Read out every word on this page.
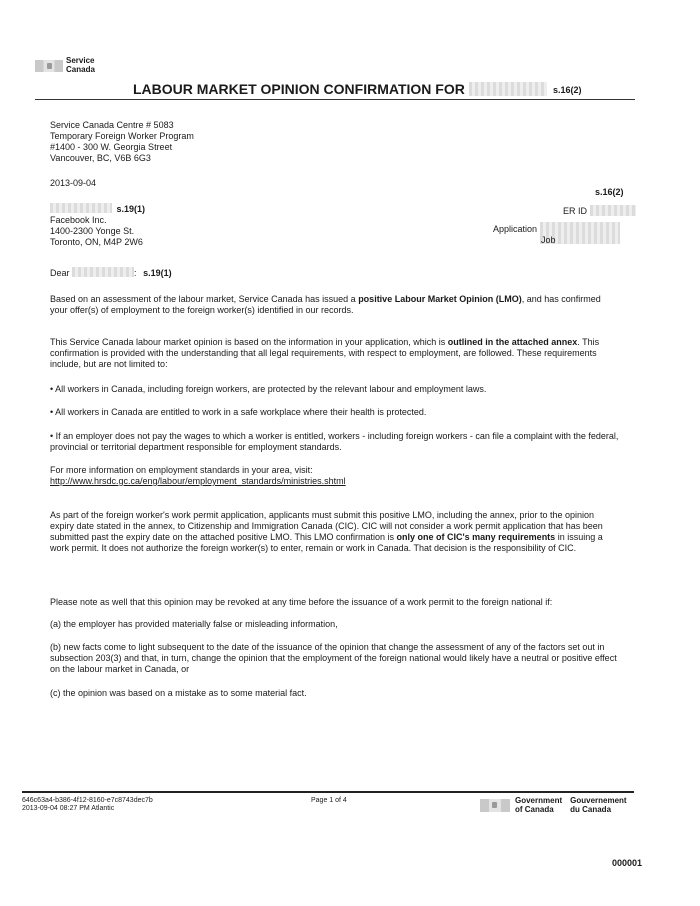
Service
Canada
LABOUR MARKET OPINION CONFIRMATION FOR	s.16(2)
Service Canada Centre # 5083
Temporary Foreign Worker Program
#1400 - 300 W. Georgia Street
Vancouver, BC, V6B 6G3
2013-09-04
s.16(2)
ER ID
Application
Job
s.19(1)
Facebook Inc.
1400-2300 Yonge St.
Toronto, ON, M4P 2W6
Dear	: s.19(1)
Based on an assessment of the labour market, Service Canada has issued a positive Labour Market Opinion (LMO), and has confirmed your offer(s) of employment to the foreign worker(s) identified in our records.
This Service Canada labour market opinion is based on the information in your application, which is outlined in the attached annex. This confirmation is provided with the understanding that all legal requirements, with respect to employment, are followed. These requirements include, but are not limited to:
• All workers in Canada, including foreign workers, are protected by the relevant labour and employment laws.
• All workers in Canada are entitled to work in a safe workplace where their health is protected.
• If an employer does not pay the wages to which a worker is entitled, workers - including foreign workers - can file a complaint with the federal, provincial or territorial department responsible for employment standards.
For more information on employment standards in your area, visit:
http://www.hrsdc.gc.ca/eng/labour/employment_standards/ministries.shtml
As part of the foreign worker's work permit application, applicants must submit this positive LMO, including the annex, prior to the opinion expiry date stated in the annex, to Citizenship and Immigration Canada (CIC). CIC will not consider a work permit application that has been submitted past the expiry date on the attached positive LMO. This LMO confirmation is only one of CIC's many requirements in issuing a work permit. It does not authorize the foreign worker(s) to enter, remain or work in Canada. That decision is the responsibility of CIC.
Please note as well that this opinion may be revoked at any time before the issuance of a work permit to the foreign national if:
(a) the employer has provided materially false or misleading information,
(b) new facts come to light subsequent to the date of the issuance of the opinion that change the assessment of any of the factors set out in subsection 203(3) and that, in turn, change the opinion that the employment of the foreign national would likely have a neutral or positive effect on the labour market in Canada, or
(c) the opinion was based on a mistake as to some material fact.
646c63a4-b386-4f12-8160-e7c8743dec7b
2013-09-04 08:27 PM Atlantic
Page 1 of 4	Government
of Canada
Gouvernement
du Canada
000001
